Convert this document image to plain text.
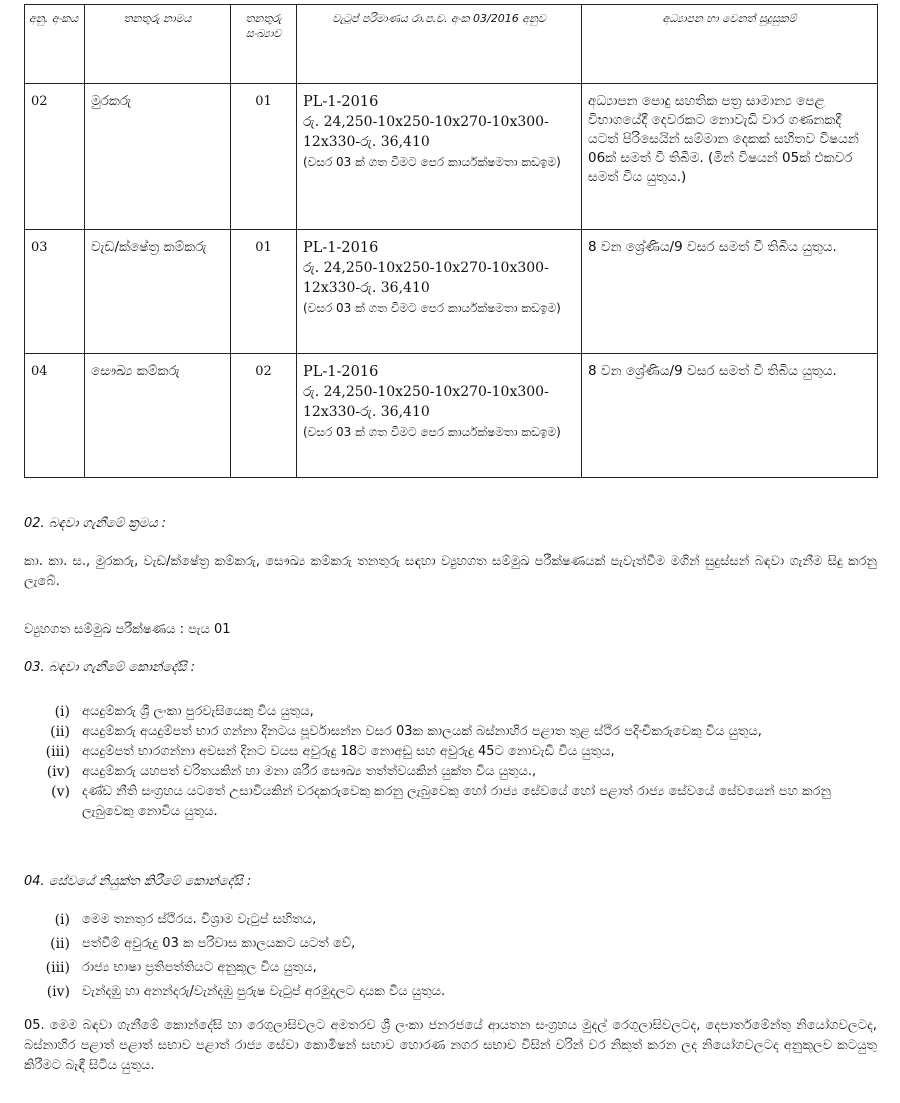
අනු. අංකය	තනතුරු නාමය	තනතුරු සංඛ්‍යාව	වැටුප් පරිමාණය රා.ප.ච. අංක 03/2016 අනුව	අධ්‍යාපන හා වෙනත් සුදුසුකම්
02	මුරකරු	01	PL-1-2016
රු. 24,250-10x250-10x270-10x300-
12x330-රු. 36,410
(වසර 03 ක් ගත වීමට පෙර කාර්යක්ෂමතා කඩඉම)	අධ්‍යාපන පොදු සහතික පත්‍ර සාමාන්‍ය පෙළ විභාගයේදී දෙවරකට නොවැඩි වාර ගණනකදී යටත් පිරිසෙයින් සම්මාන දෙකක් සහිතව විෂයන් 06ක් සමත් වී තිබීම. (මින් විෂයන් 05ක් එකවර සමත් විය යුතුය.)
03	වැඩ/ක්ෂේත්‍ර කම්කරු	01	PL-1-2016
රු. 24,250-10x250-10x270-10x300-
12x330-රු. 36,410
(වසර 03 ක් ගත වීමට පෙර කාර්යක්ෂමතා කඩඉම)	8 වන ශ්‍රේණිය/9 වසර සමත් වී තිබිය යුතුය.
04	සෞඛ්‍ය කම්කරු	02	PL-1-2016
රු. 24,250-10x250-10x270-10x300-
12x330-රු. 36,410
(වසර 03 ක් ගත වීමට පෙර කාර්යක්ෂමතා කඩඉම)	8 වන ශ්‍රේණිය/9 වසර සමත් වී තිබිය යුතුය.
02. බඳවා ගැනීමේ ක්‍රමය :
කා. කා. ස., මුරකරු, වැඩ/ක්ෂේත්‍ර කම්කරු, සෞඛ්‍ය කම්කරු තනතුරු සඳහා ව්‍යුහගත සම්මුඛ පරීක්ෂණයක් පැවැත්වීම මගින් සුදුස්සන් බඳවා ගැනීම සිදු කරනු ලැබේ.
ව්‍යුහගත සම්මුඛ පරීක්ෂණය : පැය 01
03. බඳවා ගැනීමේ කොන්දේසි :
(i) අයදුම්කරු ශ්‍රී ලංකා පුරවැසියෙකු විය යුතුය,
(ii) අයදුම්කරු අයදුම්පත් භාර ගන්නා දිනටය පූර්වාසන්න වසර 03ක කාලයක් බස්නාහිර පළාත තුළ ස්ථිර පදිංචිකරුවෙකු විය යුතුය,
(iii) අයදුම්පත් භාරගන්නා අවසන් දිනට වයස අවුරුදු 18ට නොඅඩු සහ අවුරුදු 45ට නොවැඩි විය යුතුය,
(iv) අයදුම්කරු යහපත් චරිතයකින් හා මනා ශරීර සෞඛ්‍ය තත්ත්වයකින් යුක්ත විය යුතුය.,
(v) දණ්ඩ නීති සංග්‍රහය යටතේ උසාවියකින් වරදකරුවෙකු කරනු ලැබුවෙකු හෝ රාජ්‍ය සේවයේ හෝ පළාත් රාජ්‍ය සේවයේ සේවයෙන් පහ කරනු ලැබුවෙකු නොවිය යුතුය.
04. සේවයේ නියුක්ත කිරීමේ කොන්දේසි :
(i) මෙම තනතුර ස්ථිරය. විශ්‍රාම වැටුප් සහිතය,
(ii) පත්වීම් අවුරුදු 03 ක පරිවාස කාලයකට යටත් වේ,
(iii) රාජ්‍ය භාෂා ප්‍රතිපත්තියට අනුකූල විය යුතුය,
(iv) වැන්දඹු හා අනන්දරු/වැන්දඹු පුරුෂ වැටුප් අරමුදලට දායක විය යුතුය.
05. මෙම බඳවා ගැනීමේ කොන්දේසි හා රෙගුලාසිවලට අමතරව ශ්‍රී ලංකා ජනරජයේ ආයතන සංග්‍රහය මුදල් රෙගුලාසිවලටද, දෙපාර්තමේන්තු නියෝගවලටද, බස්නාහිර පළාත් පළාත් සභාව පළාත් රාජ්‍ය සේවා කොමිෂන් සභාව හොරණ නගර සභාව විසින් වරින් වර නිකුත් කරන ලද නියෝගවලටද අනුකූලව කටයුතු කිරීමට බැඳී සිටිය යුතුය.
